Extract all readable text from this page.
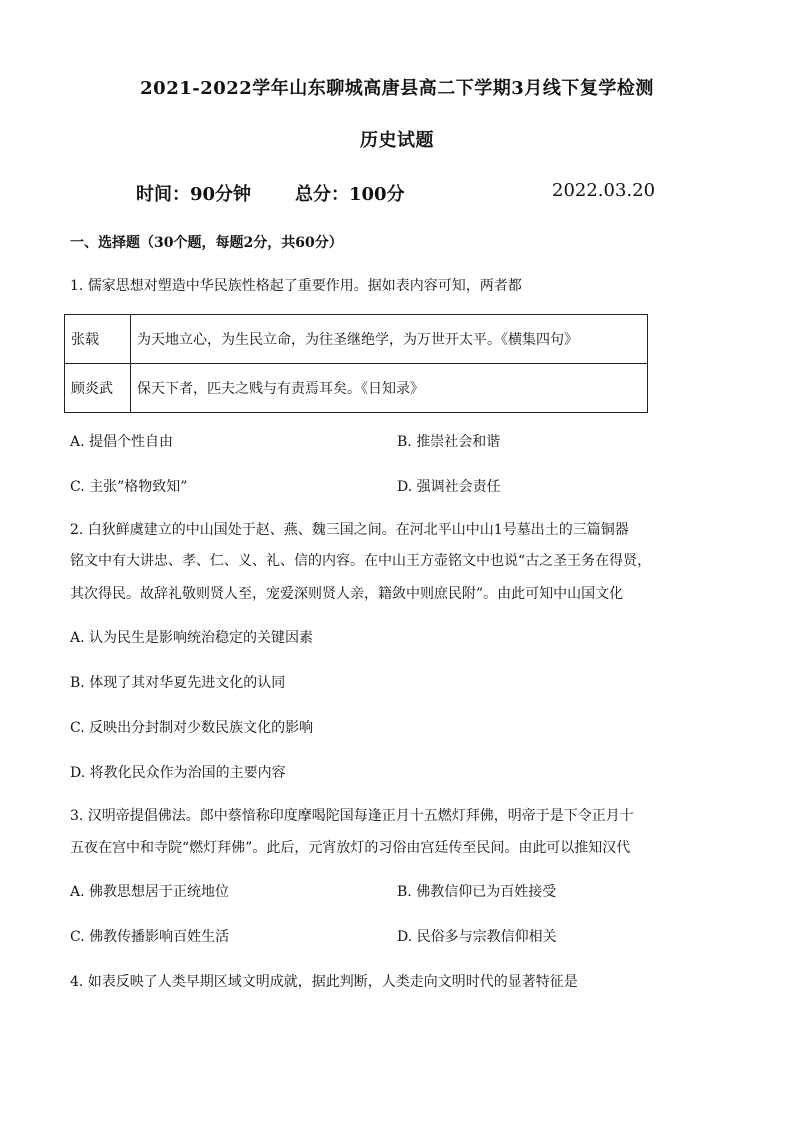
2021-2022学年山东聊城高唐县高二下学期3月线下复学检测
历史试题
时间：90分钟 总分：100分	2022.03.20
一、选择题（30个题，每题2分，共60分）
1. 儒家思想对塑造中华民族性格起了重要作用。据如表内容可知，两者都
张载	为天地立心，为生民立命，为往圣继绝学，为万世开太平。《横集四句》
顾炎武	保天下者，匹夫之贱与有责焉耳矣。《日知录》
A. 提倡个性自由	B. 推崇社会和谐
C. 主张”格物致知”	D. 强调社会责任
2. 白狄鲜虞建立的中山国处于赵、燕、魏三国之间。在河北平山中山1号墓出土的三篇铜器
铭文中有大讲忠、孝、仁、义、礼、信的内容。在中山王方壶铭文中也说“古之圣王务在得贤，
其次得民。故辞礼敬则贤人至，宠爱深则贤人亲，籍敛中则庶民附”。由此可知中山国文化
A. 认为民生是影响统治稳定的关键因素
B. 体现了其对华夏先进文化的认同
C. 反映出分封制对少数民族文化的影响
D. 将教化民众作为治国的主要内容
3. 汉明帝提倡佛法。郎中蔡愔称印度摩喝陀国每逢正月十五燃灯拜佛，明帝于是下令正月十
五夜在宫中和寺院“燃灯拜佛”。此后，元宵放灯的习俗由宫廷传至民间。由此可以推知汉代
A. 佛教思想居于正统地位	B. 佛教信仰已为百姓接受
C. 佛教传播影响百姓生活	D. 民俗多与宗教信仰相关
4. 如表反映了人类早期区域文明成就，据此判断，人类走向文明时代的显著特征是
